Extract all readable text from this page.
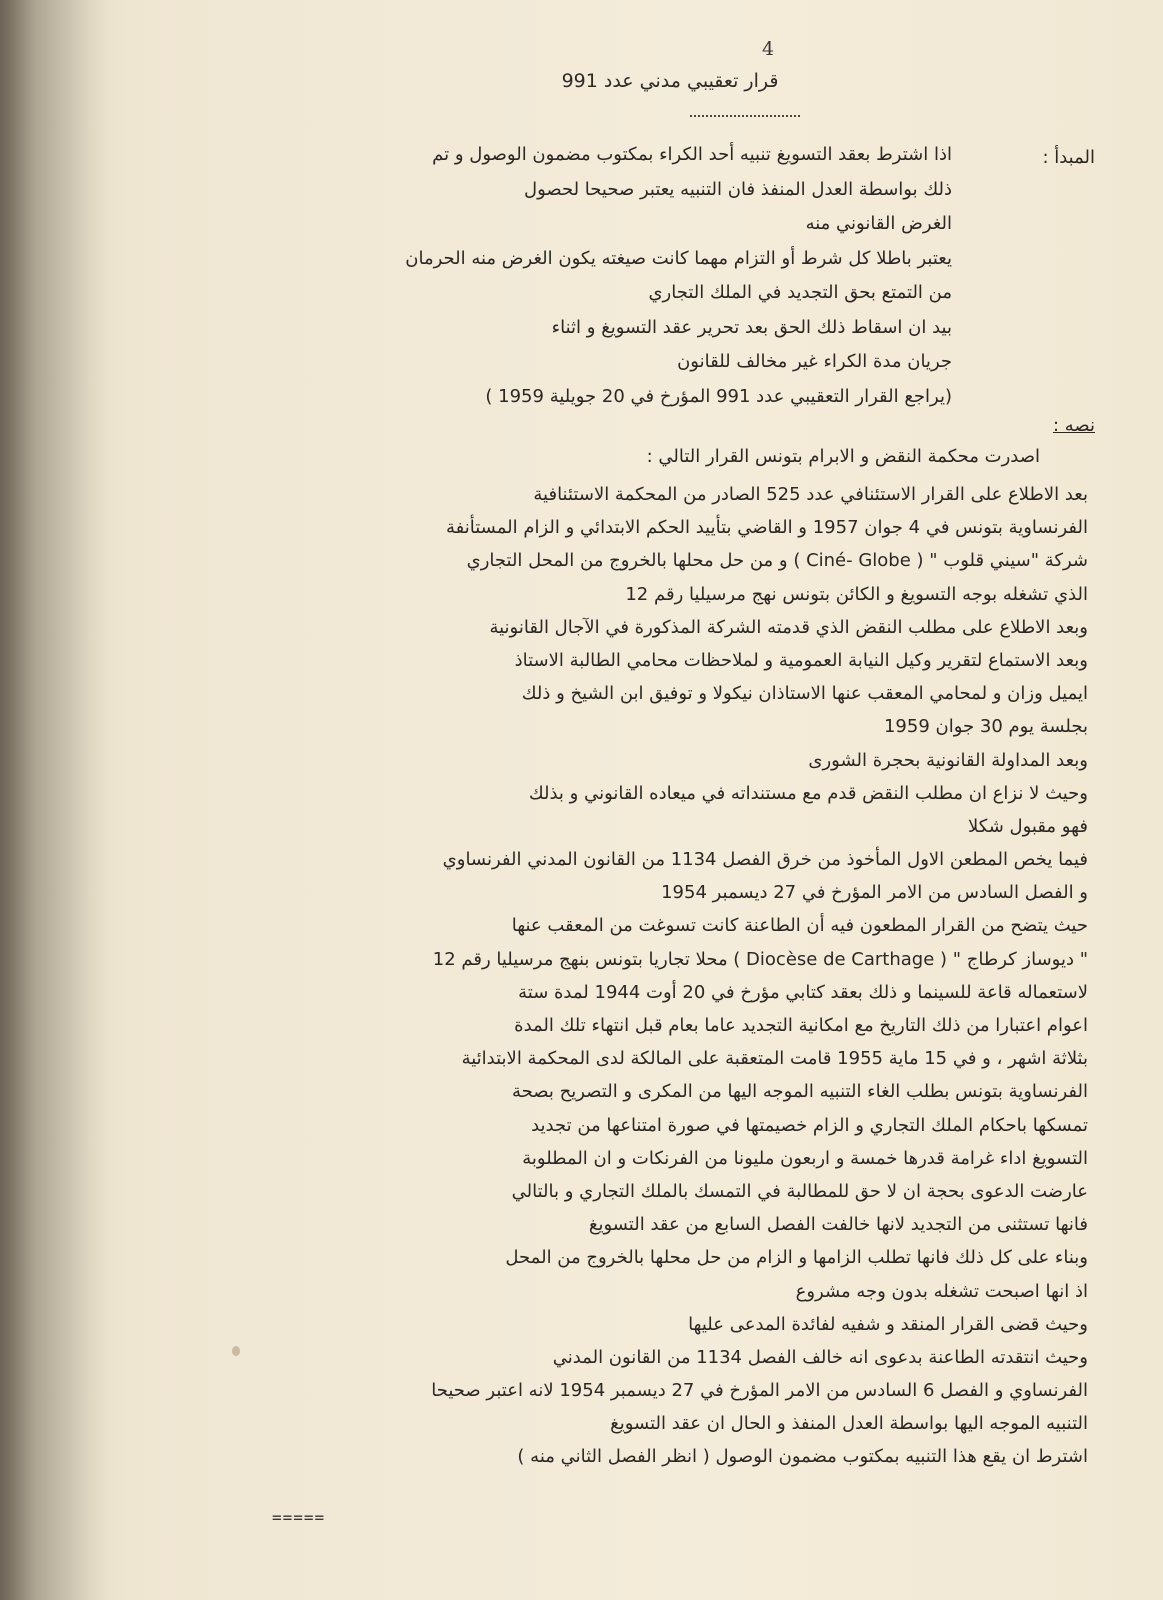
4
قرار تعقيبي مدني عدد 991
المبدأ :
اذا اشترط بعقد التسويغ تنبيه أحد الكراء بمكتوب مضمون الوصول و تم
ذلك بواسطة العدل المنفذ فان التنبيه يعتبر صحيحا لحصول
الغرض القانوني منه
يعتبر باطلا كل شرط أو التزام مهما كانت صيغته يكون الغرض منه الحرمان
من التمتع بحق التجديد في الملك التجاري
بيد ان اسقاط ذلك الحق بعد تحرير عقد التسويغ و اثناء
جريان مدة الكراء غير مخالف للقانون
(يراجع القرار التعقيبي عدد 991 المؤرخ في 20 جويلية 1959 )
نصه :
اصدرت محكمة النقض و الابرام بتونس القرار التالي :
بعد الاطلاع على القرار الاستئنافي عدد 525 الصادر من المحكمة الاستئنافية
الفرنساوية بتونس في 4 جوان 1957 و القاضي بتأييد الحكم الابتدائي و الزام المستأنفة
شركة "سيني قلوب " ( Ciné- Globe ) و من حل محلها بالخروج من المحل التجاري
الذي تشغله بوجه التسويغ و الكائن بتونس نهج مرسيليا رقم 12
وبعد الاطلاع على مطلب النقض الذي قدمته الشركة المذكورة في الآجال القانونية
وبعد الاستماع لتقرير وكيل النيابة العمومية و لملاحظات محامي الطالبة الاستاذ
ايميل وزان و لمحامي المعقب عنها الاستاذان نيكولا و توفيق ابن الشيخ و ذلك
بجلسة يوم 30 جوان 1959
وبعد المداولة القانونية بحجرة الشورى
وحيث لا نزاع ان مطلب النقض قدم مع مستنداته في ميعاده القانوني و بذلك
فهو مقبول شكلا
فيما يخص المطعن الاول المأخوذ من خرق الفصل 1134 من القانون المدني الفرنساوي
و الفصل السادس من الامر المؤرخ في 27 ديسمبر 1954
حيث يتضح من القرار المطعون فيه أن الطاعنة كانت تسوغت من المعقب عنها
" ديوساز كرطاج " ( Diocèse de Carthage ) محلا تجاريا بتونس بنهج مرسيليا رقم 12
لاستعماله قاعة للسينما و ذلك بعقد كتابي مؤرخ في 20 أوت 1944 لمدة ستة
اعوام اعتبارا من ذلك التاريخ مع امكانية التجديد عاما بعام قبل انتهاء تلك المدة
بثلاثة اشهر ، و في 15 ماية 1955 قامت المتعقبة على المالكة لدى المحكمة الابتدائية
الفرنساوية بتونس بطلب الغاء التنبيه الموجه اليها من المكرى و التصريح بصحة
تمسكها باحكام الملك التجاري و الزام خصيمتها في صورة امتناعها من تجديد
التسويغ اداء غرامة قدرها خمسة و اربعون مليونا من الفرنكات و ان المطلوبة
عارضت الدعوى بحجة ان لا حق للمطالبة في التمسك بالملك التجاري و بالتالي
فانها تستثنى من التجديد لانها خالفت الفصل السابع من عقد التسويغ
وبناء على كل ذلك فانها تطلب الزامها و الزام من حل محلها بالخروج من المحل
اذ انها اصبحت تشغله بدون وجه مشروع
وحيث قضى القرار المنقد و شفيه لفائدة المدعى عليها
وحيث انتقدته الطاعنة بدعوى انه خالف الفصل 1134 من القانون المدني
الفرنساوي و الفصل 6 السادس من الامر المؤرخ في 27 ديسمبر 1954 لانه اعتبر صحيحا
التنبيه الموجه اليها بواسطة العدل المنفذ و الحال ان عقد التسويغ
اشترط ان يقع هذا التنبيه بمكتوب مضمون الوصول ( انظر الفصل الثاني منه )
=====
